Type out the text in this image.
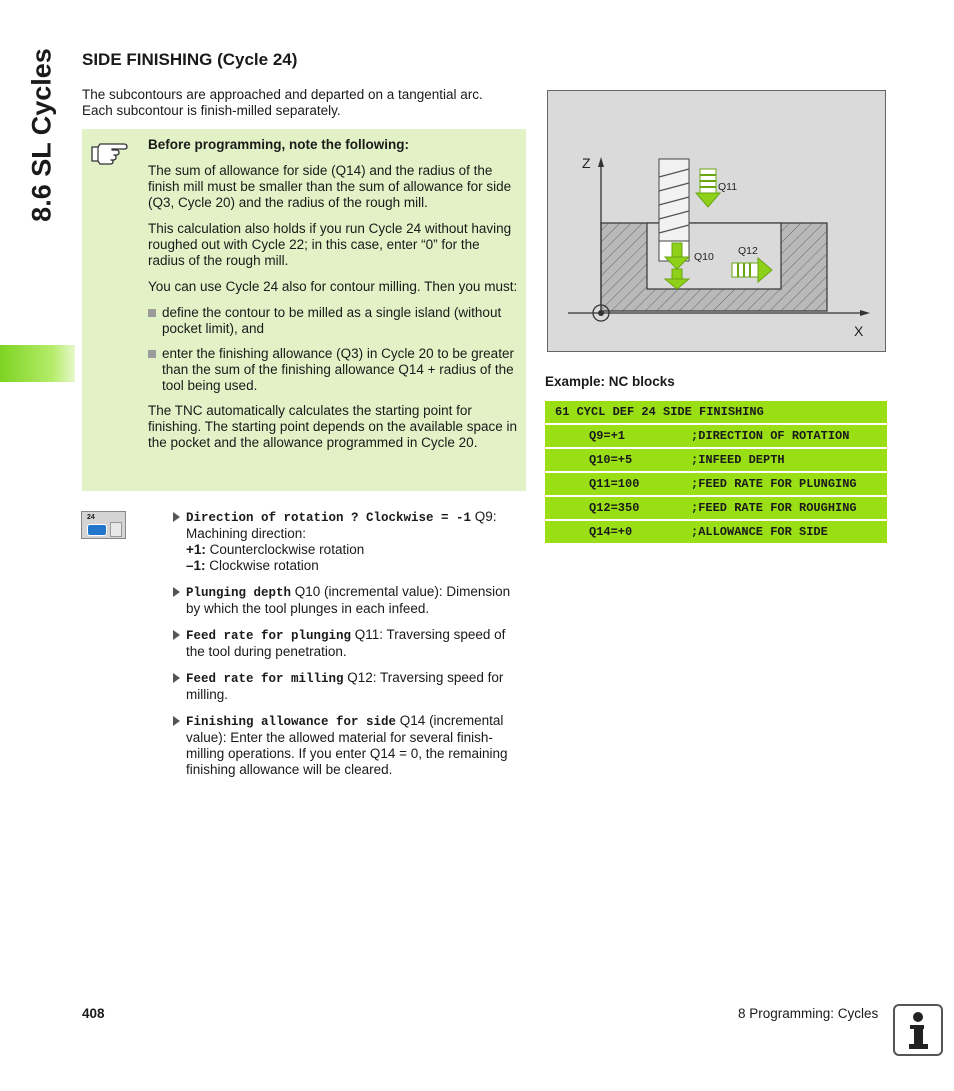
8.6 SL Cycles SIDE FINISHING (Cycle 24)
The subcontours are approached and departed on a tangential arc.
Each subcontour is finish-milled separately.

Before programming, note the following:

The sum of allowance for side (Q14) and the radius of the finish mill must be smaller than the sum of allowance for side (Q3, Cycle 20) and the radius of the rough mill.

This calculation also holds if you run Cycle 24 without having roughed out with Cycle 22; in this case, enter “0” for the radius of the rough mill.

You can use Cycle 24 also for contour milling. Then you must:

define the contour to be milled as a single island (without pocket limit), and
enter the finishing allowance (Q3) in Cycle 20 to be greater than the sum of the finishing allowance Q14 + radius of the tool being used.

The TNC automatically calculates the starting point for finishing. The starting point depends on the available space in the pocket and the allowance programmed in Cycle 20.

24	Direction of rotation ? Clockwise = -1 Q9: Machining direction:
+1: Counterclockwise rotation
–1: Clockwise rotation
Plunging depth Q10 (incremental value): Dimension by which the tool plunges in each infeed.
Feed rate for plunging Q11: Traversing speed of the tool during penetration.
Feed rate for milling Q12: Traversing speed for milling.
Finishing allowance for side Q14 (incremental value): Enter the allowed material for several finish-milling operations. If you enter Q14 = 0, the remaining finishing allowance will be cleared.
Z
X
Q11
Q10 Q12
Example: NC blocks
61 CYCL DEF 24 SIDE FINISHING
Q9=+1	;DIRECTION OF ROTATION
Q10=+5	;INFEED DEPTH
Q11=100	;FEED RATE FOR PLUNGING
Q12=350	;FEED RATE FOR ROUGHING
Q14=+0	;ALLOWANCE FOR SIDE
408	8 Programming: Cycles
